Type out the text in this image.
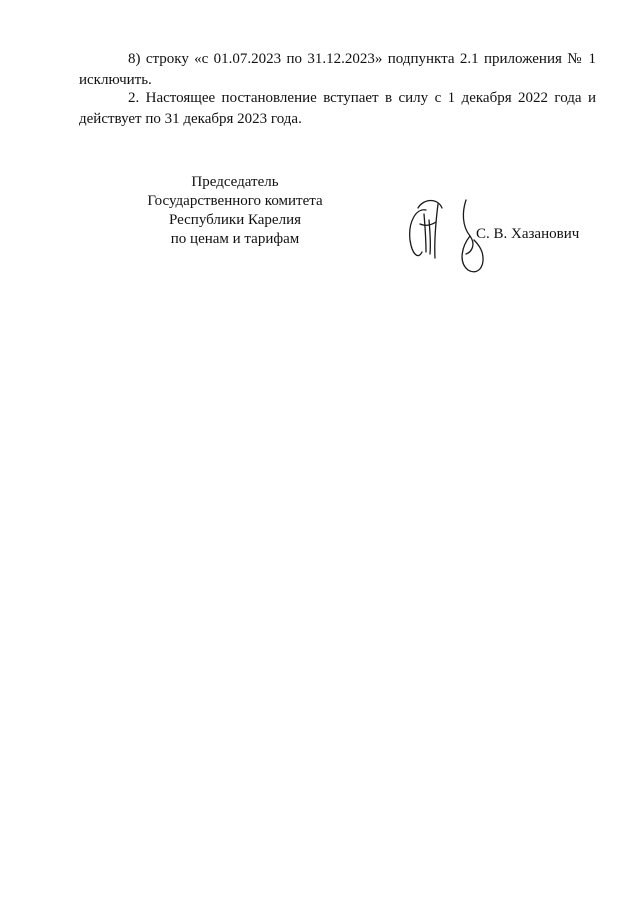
8) строку «с 01.07.2023 по 31.12.2023» подпункта 2.1 приложения № 1 исключить.

2. Настоящее постановление вступает в силу с 1 декабря 2022 года и действует по 31 декабря 2023 года.

Председатель
Государственного комитета
Республики Карелия
по ценам и тарифам	С. В. Хазанович
